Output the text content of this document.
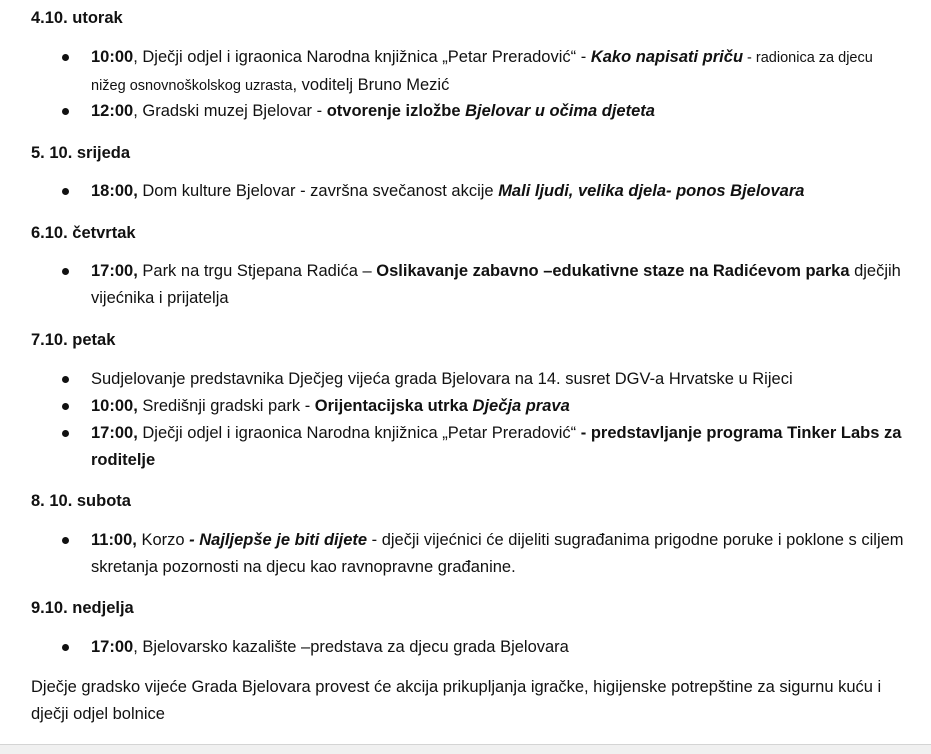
4.10. utorak
10:00, Dječji odjel i igraonica Narodna knjižnica „Petar Preradović“ - Kako napisati priču - radionica za djecu nižeg osnovnoškolskog uzrasta, voditelj Bruno Mezić
12:00, Gradski muzej Bjelovar - otvorenje izložbe Bjelovar u očima djeteta
5. 10. srijeda
18:00, Dom kulture Bjelovar - završna svečanost akcije Mali ljudi, velika djela- ponos Bjelovara
6.10. četvrtak
17:00, Park na trgu Stjepana Radića – Oslikavanje zabavno –edukativne staze na Radićevom parka dječjih vijećnika i prijatelja
7.10. petak
Sudjelovanje predstavnika Dječjeg vijeća grada Bjelovara na 14. susret DGV-a Hrvatske u Rijeci
10:00, Središnji gradski park - Orijentacijska utrka Dječja prava
17:00, Dječji odjel i igraonica Narodna knjižnica „Petar Preradović“ - predstavljanje programa Tinker Labs za roditelje
8. 10. subota
11:00, Korzo - Najljepše je biti dijete - dječji vijećnici će dijeliti sugrađanima prigodne poruke i poklone s ciljem skretanja pozornosti na djecu kao ravnopravne građanine.
9.10. nedjelja
17:00, Bjelovarsko kazalište –predstava za djecu grada Bjelovara
Dječje gradsko vijeće Grada Bjelovara provest će akcija prikupljanja igračke, higijenske potrepštine za sigurnu kuću i dječji odjel bolnice
